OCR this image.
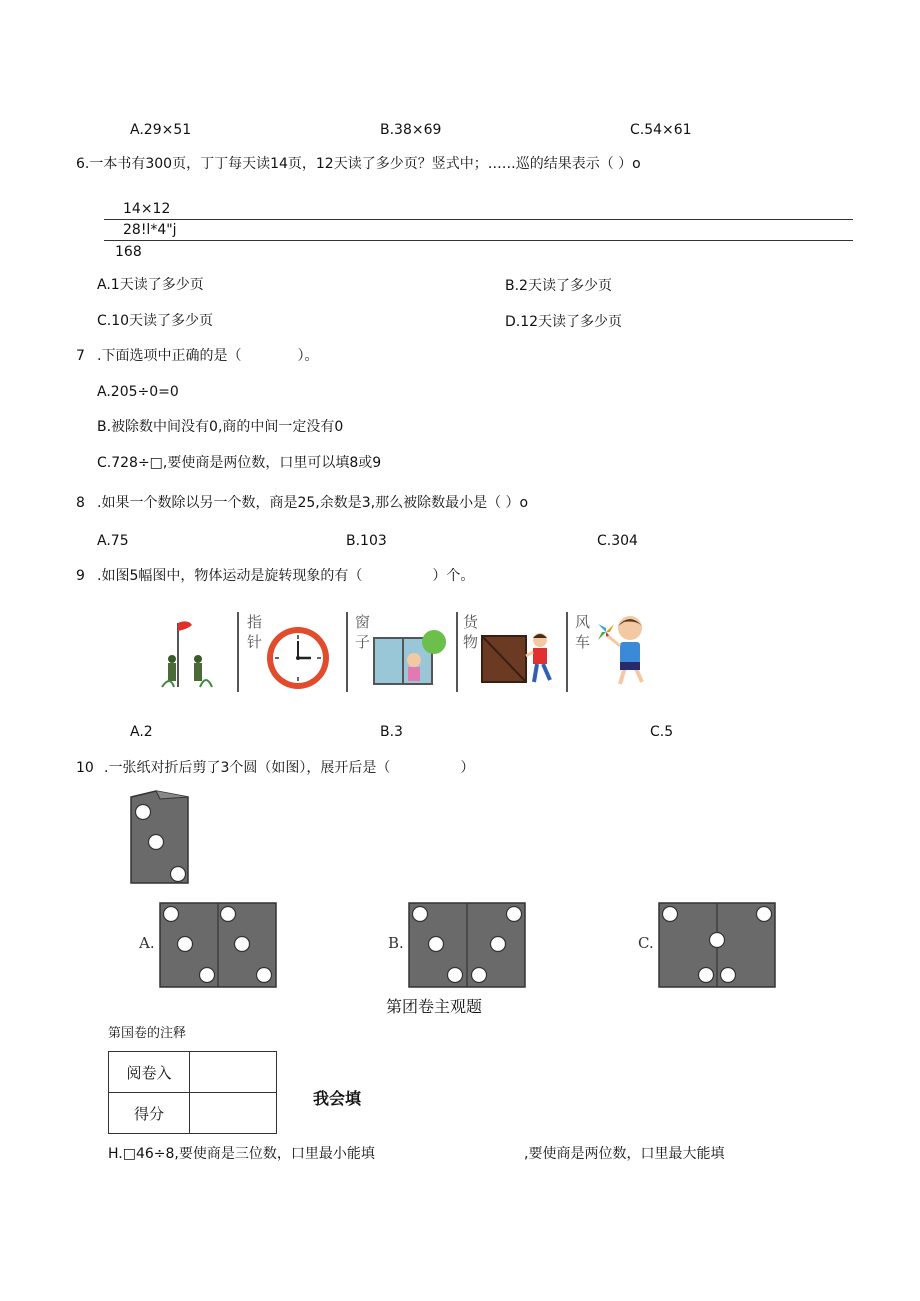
A.29×51	B.38×69	C.54×61
6.一本书有300页，丁丁每天读14页，12天读了多少页？竖式中；……巡的结果表示（ ）o
14×12
28!l*4"j
168
A.1天读了多少页	B.2天读了多少页
C.10天读了多少页	D.12天读了多少页
7 .下面选项中正确的是（　　　　）。
A.205÷0=0
B.被除数中间没有0,商的中间一定没有0
C.728÷□,要使商是两位数，口里可以填8或9
8 .如果一个数除以另一个数，商是25,余数是3,那么被除数最小是（ ）o
A.75	B.103	C.304
9 .如图5幅图中，物体运动是旋转现象的有（　　　　　）个。
指针
窗子
货物
风车
A.2	B.3	C.5
10 .一张纸对折后剪了3个圆（如图），展开后是（　　　　　）
A.	B.	C.
第团卷主观题
第国卷的注释
阅卷入	
得分	
我会填
H.□46÷8,要使商是三位数，口里最小能填	,要使商是两位数，口里最大能填
